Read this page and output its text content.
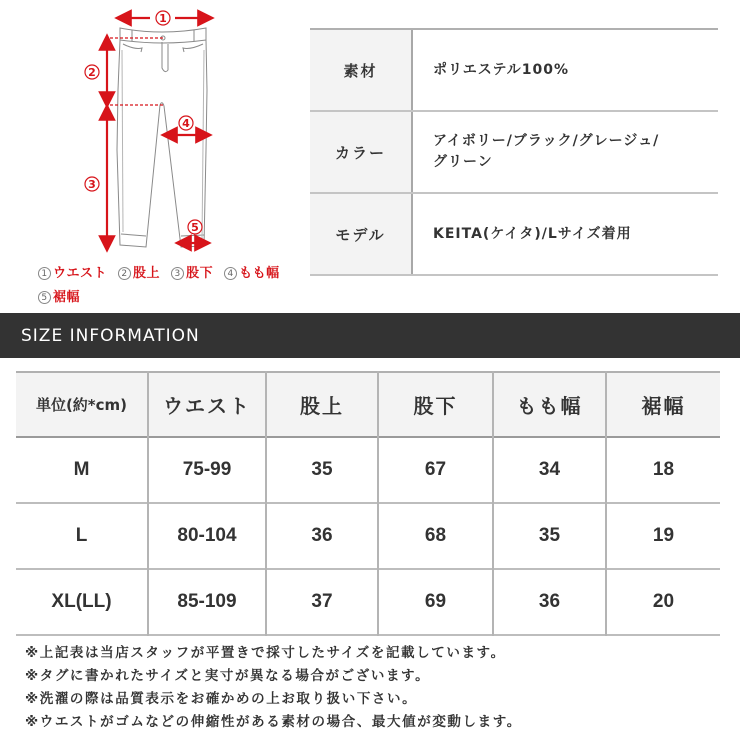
1
2
3
4
5
1 ウエスト 2 股上 3 股下 4 もも幅
5 裾幅
素材	ポリエステル100%
カラー
アイボリー/ブラック/グレージュ/
グリーン
モデル	KEITA(ケイタ)/Lサイズ着用
SIZE INFORMATION
単位(約*cm)	ウエスト	股上	股下	もも幅	裾幅
M	75-99	35	67	34	18
L	80-104	36	68	35	19
XL(LL)	85-109	37	69	36	20

※上記表は当店スタッフが平置きで採寸したサイズを記載しています。

※タグに書かれたサイズと実寸が異なる場合がございます。

※洗濯の際は品質表示をお確かめの上お取り扱い下さい。

※ウエストがゴムなどの伸縮性がある素材の場合、最大値が変動します。
